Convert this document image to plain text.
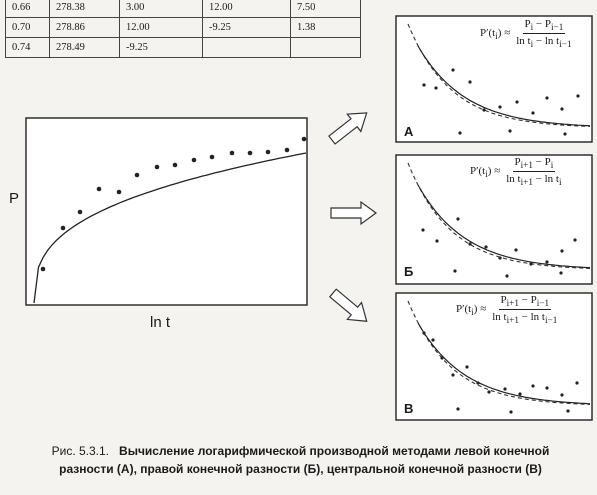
0.66	278.38	3.00	12.00	7.50
0.70	278.86	12.00	-9.25	1.38
0.74	278.49	-9.25		
P
ln t
А
Б
В
$P'(t_i) \approx \frac{P_i - P_{i-1}}{\ln t_i - \ln t_{i-1}}$
$P'(t_i) \approx \frac{P_{i+1} - P_i}{\ln t_{i+1} - \ln t_i}$
$P'(t_i) \approx \frac{P_{i+1} - P_{i-1}}{\ln t_{i+1} - \ln t_{i-1}}$
Рис. 5.3.1. Вычисление логарифмической производной методами левой конечной
разности (А), правой конечной разности (Б), центральной конечной разности (В)
